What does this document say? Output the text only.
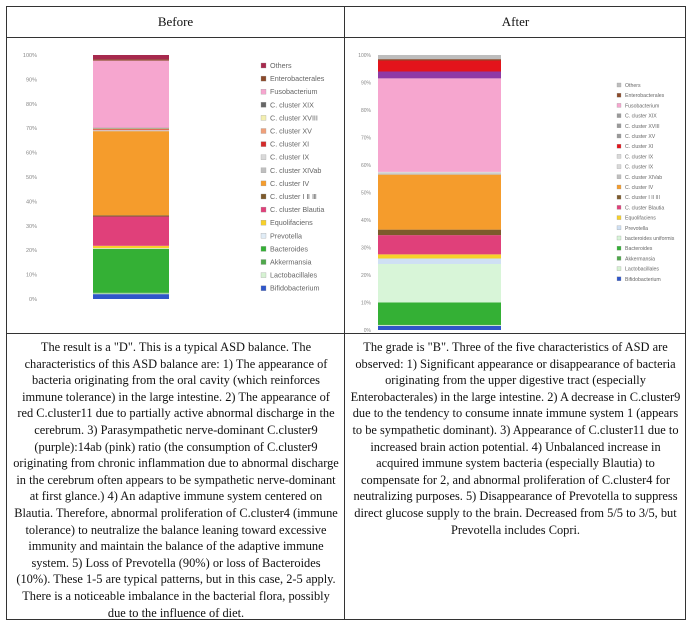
Before	After
0%
10%
20%
30%
40%
50%
60%
70%
80%
90%
100%
Others
Enterobacterales
Fusobacterium
C. cluster XIX
C. cluster XVIII
C. cluster XV
C. cluster XI
C. cluster IX
C. cluster XIVab
C. cluster IV
C. cluster Ⅰ Ⅱ Ⅲ
C. cluster Blautia
Equolifaciens
Prevotella
Bacteroides
Akkermansia
Lactobacillales
Bifidobacterium
0%
10%
20%
30%
40%
50%
60%
70%
80%
90%
100%
Others
Enterobacterales
Fusobacterium
C. cluster XIX
C. cluster XVIII
C. cluster XV
C. cluster XI
C. cluster IX
C. cluster IX
C. cluster XIVab
C. cluster IV
C. cluster I II III
C. cluster Blautia
Equolifaciens
Prevotella
bacteroides uniformis
Bacteroides
Akkermansia
Lactobacillales
Bifidobacterium
The result is a "D". This is a typical ASD balance. The characteristics of this ASD balance are: 1) The appearance of bacteria originating from the oral cavity (which reinforces immune tolerance) in the large intestine. 2) The appearance of red C.cluster11 due to partially active abnormal discharge in the cerebrum. 3) Parasympathetic nerve-dominant C.cluster9 (purple):14ab (pink) ratio (the consumption of C.cluster9 originating from chronic inflammation due to abnormal discharge in the cerebrum often appears to be sympathetic nerve-dominant at first glance.) 4) An adaptive immune system centered on Blautia. Therefore, abnormal proliferation of C.cluster4 (immune tolerance) to neutralize the balance leaning toward excessive immunity and maintain the balance of the adaptive immune system. 5) Loss of Prevotella (90%) or loss of Bacteroides (10%). These 1-5 are typical patterns, but in this case, 2-5 apply. There is a noticeable imbalance in the bacterial flora, possibly due to the influence of diet.
The grade is "B". Three of the five characteristics of ASD are observed: 1) Significant appearance or disappearance of bacteria originating from the upper digestive tract (especially Enterobacterales) in the large intestine. 2) A decrease in C.cluster9 due to the tendency to consume innate immune system 1 (appears to be sympathetic dominant). 3) Appearance of C.cluster11 due to increased brain action potential. 4) Unbalanced increase in acquired immune system bacteria (especially Blautia) to compensate for 2, and abnormal proliferation of C.cluster4 for neutralizing purposes. 5) Disappearance of Prevotella to suppress direct glucose supply to the brain. Decreased from 5/5 to 3/5, but Prevotella includes Copri.
